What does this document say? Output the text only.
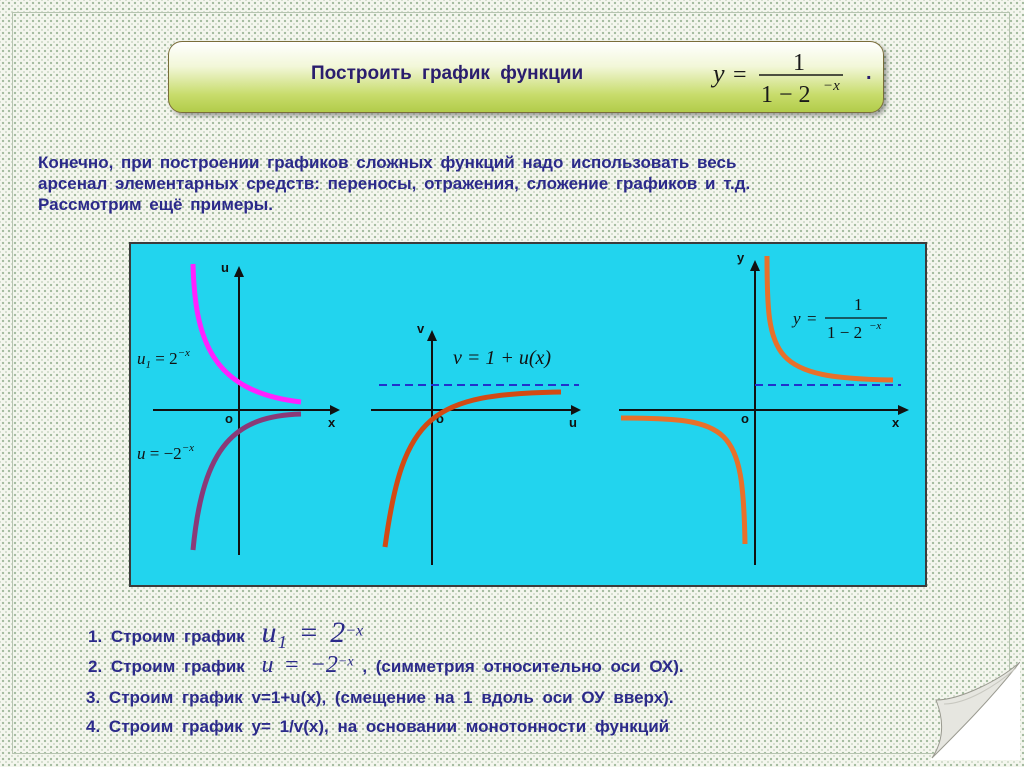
Построить график функции	y = 1
1 − 2 −x
.

Конечно, при построении графиков сложных функций надо использовать весь
арсенал элементарных средств: переносы, отражения, сложение графиков и т.д.
Рассмотрим ещё примеры.

u
x
o
$u_1 = 2^{-x}$
$u = -2^{-x}$
v
u
o
v = 1 + u(x)
y
x
o
y =
1
1 − 2 −x
1. Строим график $u_1 = 2^{-x}$
2. Строим график $u = -2^{-x}$ , (симметрия относительно оси ОХ).
3. Строим график v=1+u(x), (смещение на 1 вдоль оси ОУ вверх).
4. Строим график y= 1/v(x), на основании монотонности функций
